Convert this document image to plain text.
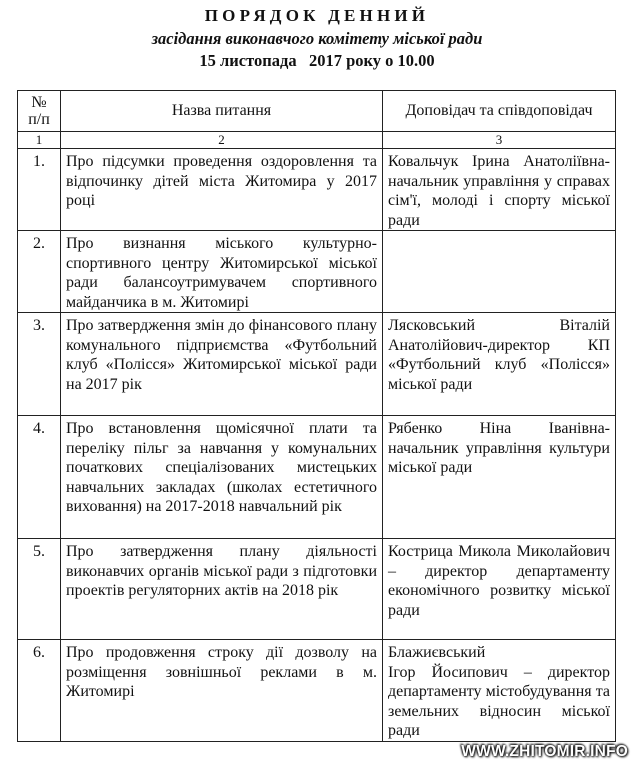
ПОРЯДОК ДЕННИЙ
засідання виконавчого комітету міської ради
15 листопада   2017 року о 10.00
№
п/п	Назва питання	Доповідач та співдоповідач
1	2	3
1.	Про підсумки проведення оздоровлення та відпочинку дітей міста Житомира у 2017 році	Ковальчук Ірина Анатоліївна- начальник управління у справах сім'ї, молоді і спорту міської ради
2.	Про визнання міського культурно-спортивного центру Житомирської міської ради балансоутримувачем спортивного майданчика в м. Житомирі	
3.	Про затвердження змін до фінансового плану комунального підприємства «Футбольний клуб «Полісся» Житомирської міської ради на 2017 рік	Лясковський Віталій Анатолійович-директор КП «Футбольний клуб «Полісся» міської ради
4.	Про встановлення щомісячної плати та переліку пільг за навчання у комунальних початкових спеціалізованих мистецьких навчальних закладах (школах естетичного виховання) на 2017-2018 навчальний рік	Рябенко Ніна Іванівна-начальник управління культури міської ради
5.	Про затвердження плану діяльності виконавчих органів міської ради з підготовки проектів регуляторних актів на 2018 рік	Кострица Микола Миколайович – директор департаменту економічного розвитку міської ради
6.	Про продовження строку дії дозволу на розміщення зовнішньої реклами в м. Житомирі	Блажиєвський
Ігор Йосипович – директор департаменту містобудування та земельних відносин міської ради
WWW.ZHITOMIR.INFO
